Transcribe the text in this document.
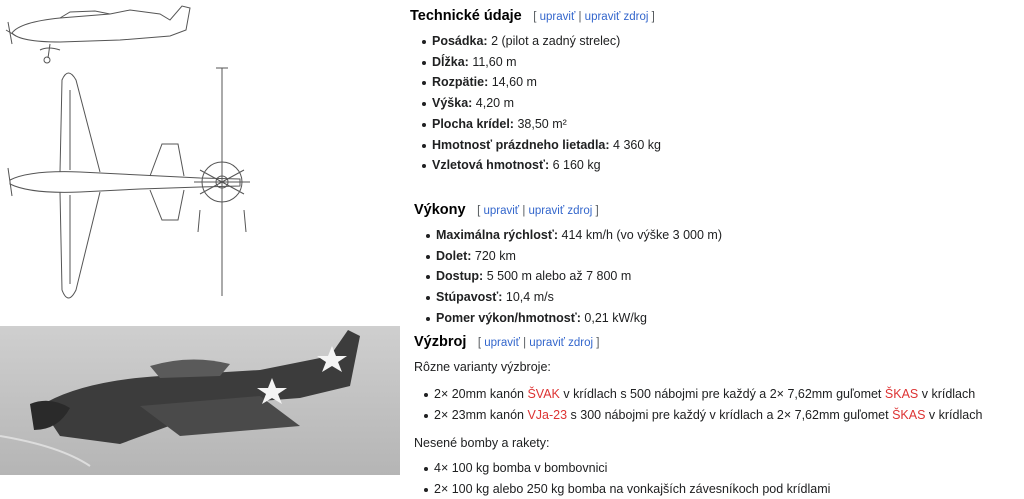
Technické údaje [ upraviť | upraviť zdroj ]
Posádka: 2 (pilot a zadný strelec)
Dĺžka: 11,60 m
Rozpätie: 14,60 m
Výška: 4,20 m
Plocha krídel: 38,50 m²
Hmotnosť prázdneho lietadla: 4 360 kg
Vzletová hmotnosť: 6 160 kg
Výkony [ upraviť | upraviť zdroj ]
Maximálna rýchlosť: 414 km/h (vo výške 3 000 m)
Dolet: 720 km
Dostup: 5 500 m alebo až 7 800 m
Stúpavosť: 10,4 m/s
Pomer výkon/hmotnosť: 0,21 kW/kg
Výzbroj [ upraviť | upraviť zdroj ]
Rôzne varianty výzbroje:
2× 20mm kanón ŠVAK v krídlach s 500 nábojmi pre každý a 2× 7,62mm guľomet ŠKAS v krídlach
2× 23mm kanón VJa-23 s 300 nábojmi pre každý v krídlach a 2× 7,62mm guľomet ŠKAS v krídlach
Nesené bomby a rakety:
4× 100 kg bomba v bombovnici
2× 100 kg alebo 250 kg bomba na vonkajších závesníkoch pod krídlami
